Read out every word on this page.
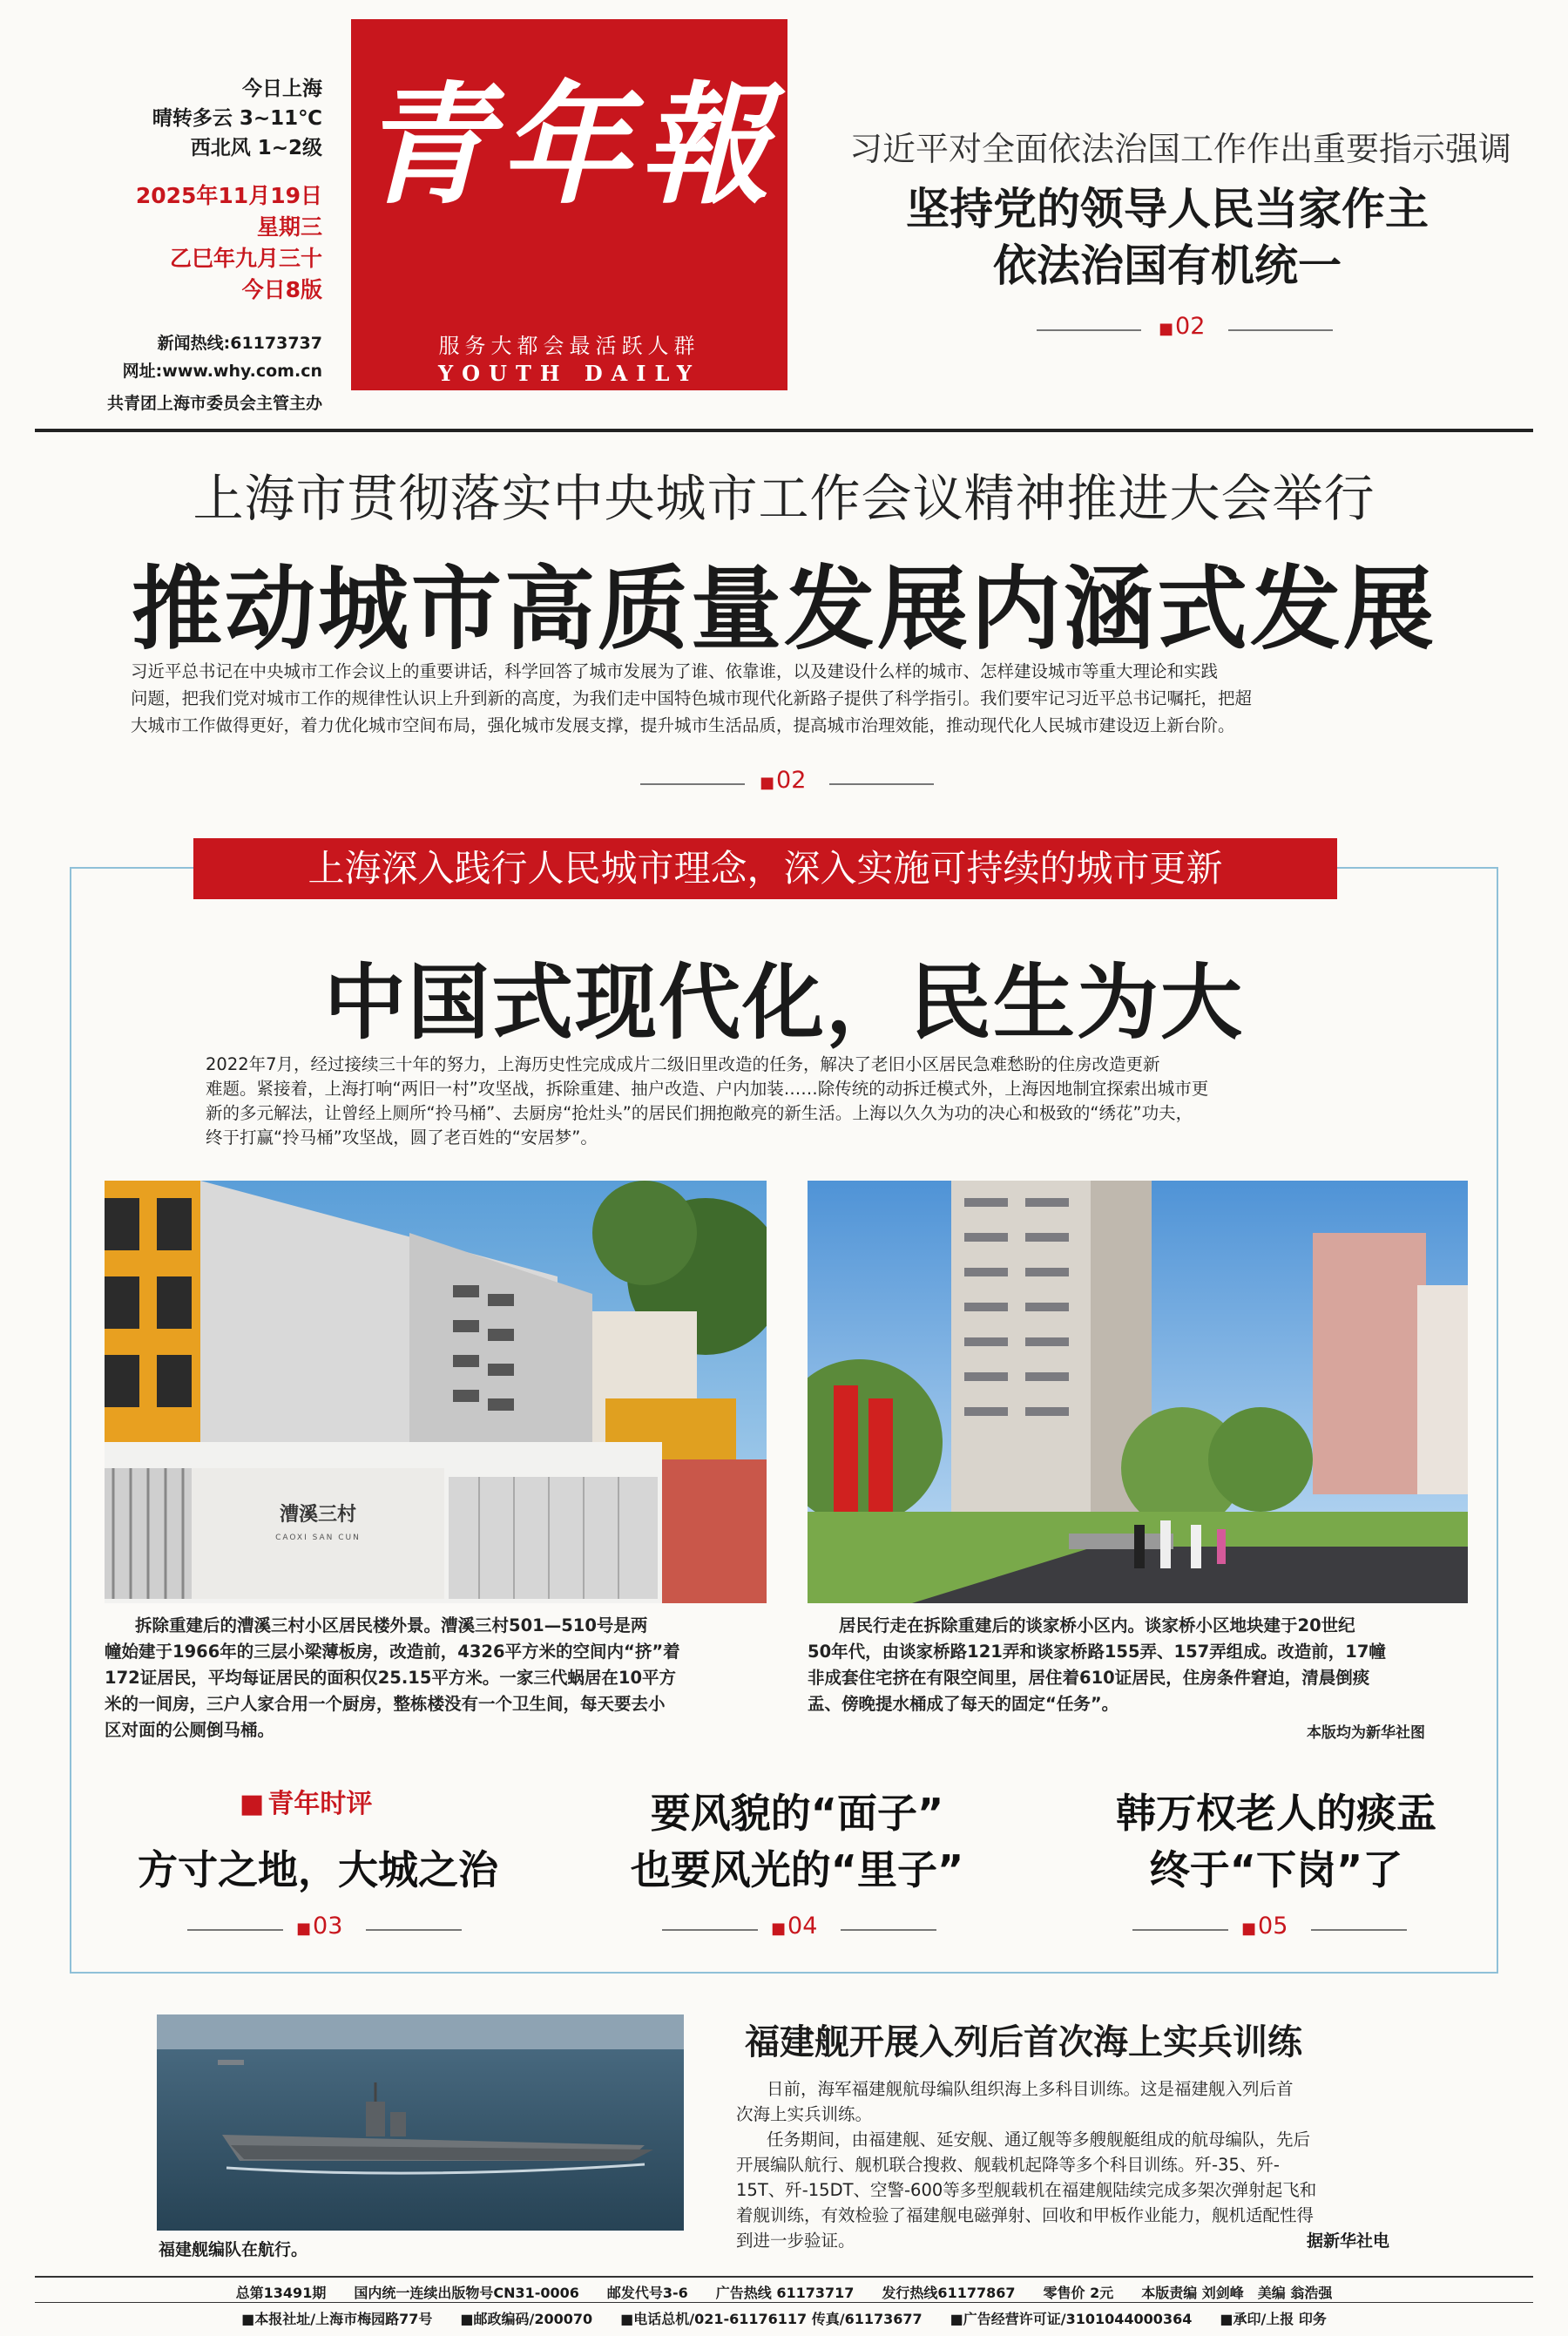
青年報
服务大都会最活跃人群
YOUTH DAILY
今日上海
晴转多云 3~11℃
西北风 1~2级
2025年11月19日
星期三
乙巳年九月三十
今日8版
新闻热线:61173737
网址:www.why.com.cn
共青团上海市委员会主管主办
习近平对全面依法治国工作作出重要指示强调
坚持党的领导人民当家作主
依法治国有机统一
■ 02
上海市贯彻落实中央城市工作会议精神推进大会举行
推动城市高质量发展内涵式发展
习近平总书记在中央城市工作会议上的重要讲话，科学回答了城市发展为了谁、依靠谁，以及建设什么样的城市、怎样建设城市等重大理论和实践
问题，把我们党对城市工作的规律性认识上升到新的高度，为我们走中国特色城市现代化新路子提供了科学指引。我们要牢记习近平总书记嘱托，把超
大城市工作做得更好，着力优化城市空间布局，强化城市发展支撑，提升城市生活品质，提高城市治理效能，推动现代化人民城市建设迈上新台阶。
■ 02
上海深入践行人民城市理念，深入实施可持续的城市更新
中国式现代化，民生为大
2022年7月，经过接续三十年的努力，上海历史性完成成片二级旧里改造的任务，解决了老旧小区居民急难愁盼的住房改造更新
难题。紧接着，上海打响“两旧一村”攻坚战，拆除重建、抽户改造、户内加装……除传统的动拆迁模式外，上海因地制宜探索出城市更
新的多元解法，让曾经上厕所“拎马桶”、去厨房“抢灶头”的居民们拥抱敞亮的新生活。上海以久久为功的决心和极致的“绣花”功夫，
终于打赢“拎马桶”攻坚战，圆了老百姓的“安居梦”。
漕溪三村
CAOXI SAN CUN
拆除重建后的漕溪三村小区居民楼外景。漕溪三村501—510号是两
幢始建于1966年的三层小梁薄板房，改造前，4326平方米的空间内“挤”着
172证居民，平均每证居民的面积仅25.15平方米。一家三代蜗居在10平方
米的一间房，三户人家合用一个厨房，整栋楼没有一个卫生间，每天要去小
区对面的公厕倒马桶。
居民行走在拆除重建后的谈家桥小区内。谈家桥小区地块建于20世纪
50年代，由谈家桥路121弄和谈家桥路155弄、157弄组成。改造前，17幢
非成套住宅挤在有限空间里，居住着610证居民，住房条件窘迫，清晨倒痰
盂、傍晚提水桶成了每天的固定“任务”。
本版均为新华社图
■ 青年时评
方寸之地，大城之治
■ 03
要风貌的“面子”
也要风光的“里子”
■ 04
韩万权老人的痰盂
终于“下岗”了
■ 05
福建舰编队在航行。
福建舰开展入列后首次海上实兵训练
日前，海军福建舰航母编队组织海上多科目训练。这是福建舰入列后首
次海上实兵训练。
任务期间，由福建舰、延安舰、通辽舰等多艘舰艇组成的航母编队，先后
开展编队航行、舰机联合搜救、舰载机起降等多个科目训练。歼-35、歼-
15T、歼-15DT、空警-600等多型舰载机在福建舰陆续完成多架次弹射起飞和
着舰训练，有效检验了福建舰电磁弹射、回收和甲板作业能力，舰机适配性得
到进一步验证。	据新华社电
总第13491期　　国内统一连续出版物号CN31-0006　　邮发代号3-6　　广告热线 61173717　　发行热线61177867　　零售价 2元　　本版责编 刘剑峰　美编 翁浩强
■本报社址/上海市梅园路77号　　■邮政编码/200070　　■电话总机/021-61176117 传真/61173677　　■广告经营许可证/3101044000364　　■承印/上报 印务
